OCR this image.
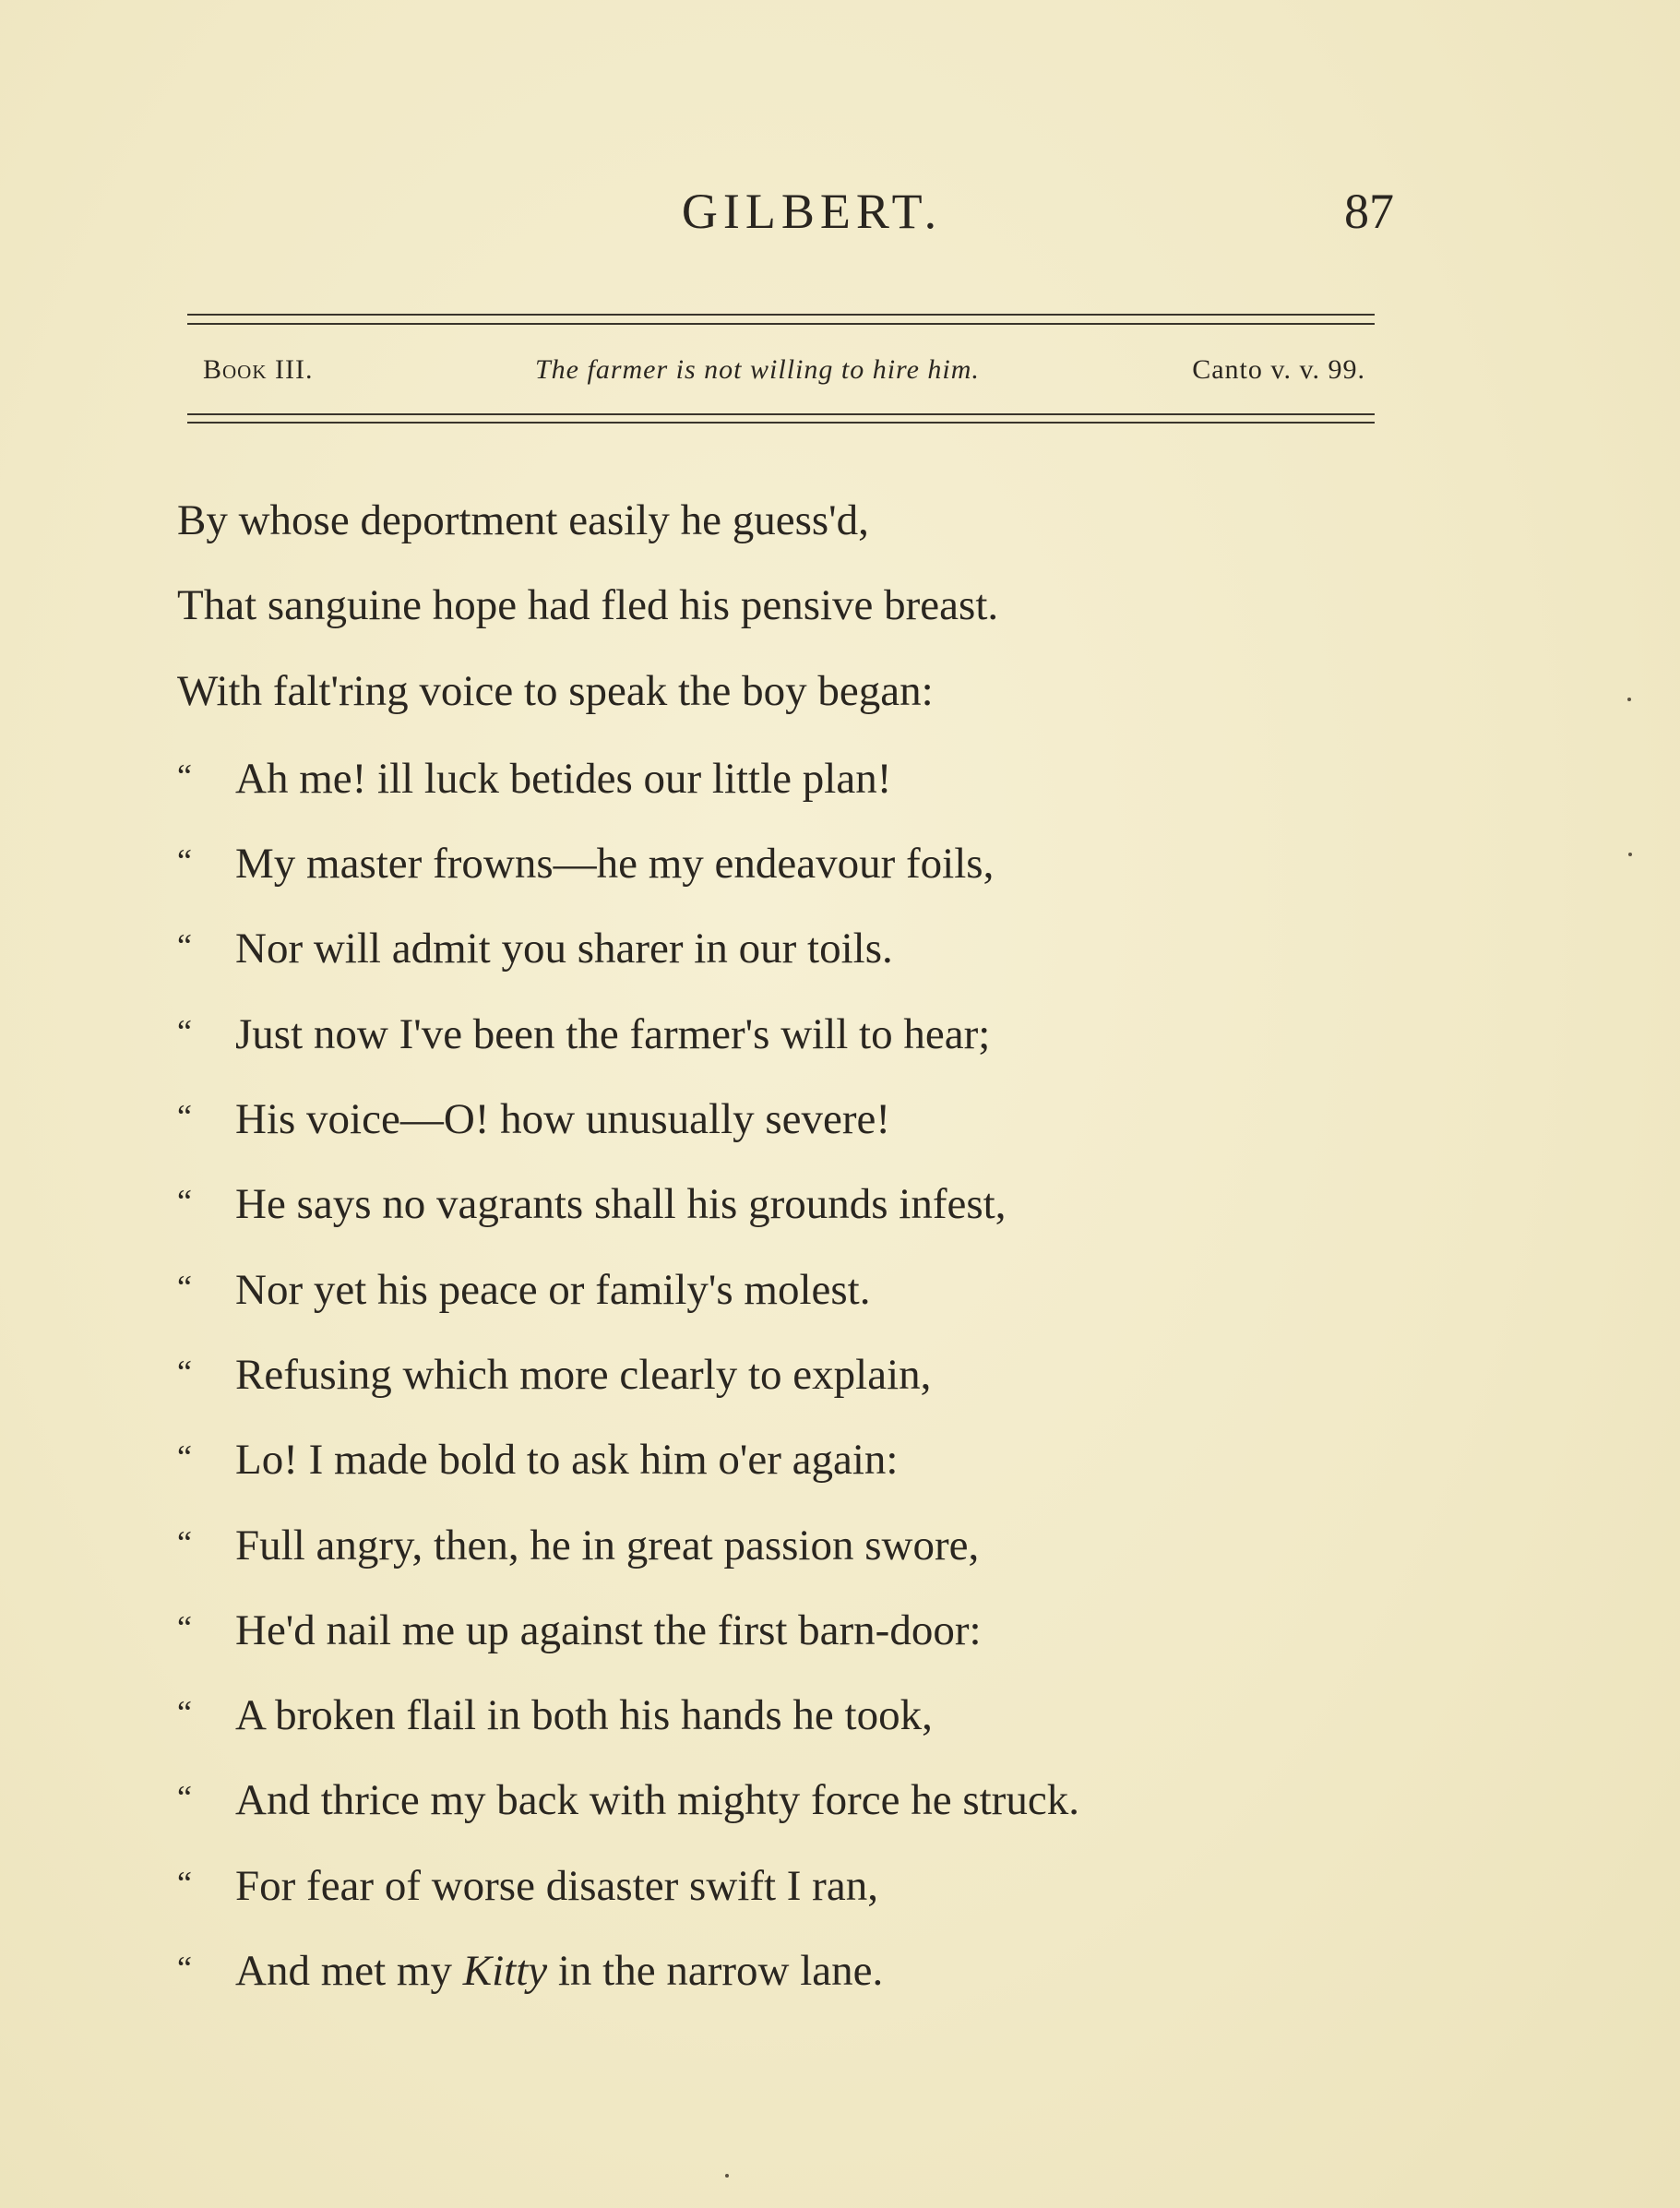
GILBERT.	87
Book III.	The farmer is not willing to hire him.	Canto v. v. 99.
By whose deportment easily he guess'd,
That sanguine hope had fled his pensive breast.
With falt'ring voice to speak the boy began:
“ Ah me! ill luck betides our little plan!
“ My master frowns—he my endeavour foils,
“ Nor will admit you sharer in our toils.
“ Just now I've been the farmer's will to hear;
“ His voice—O! how unusually severe!
“ He says no vagrants shall his grounds infest,
“ Nor yet his peace or family's molest.
“ Refusing which more clearly to explain,
“ Lo! I made bold to ask him o'er again:
“ Full angry, then, he in great passion swore,
“ He'd nail me up against the first barn-door:
“ A broken flail in both his hands he took,
“ And thrice my back with mighty force he struck.
“ For fear of worse disaster swift I ran,
“ And met my Kitty in the narrow lane.
